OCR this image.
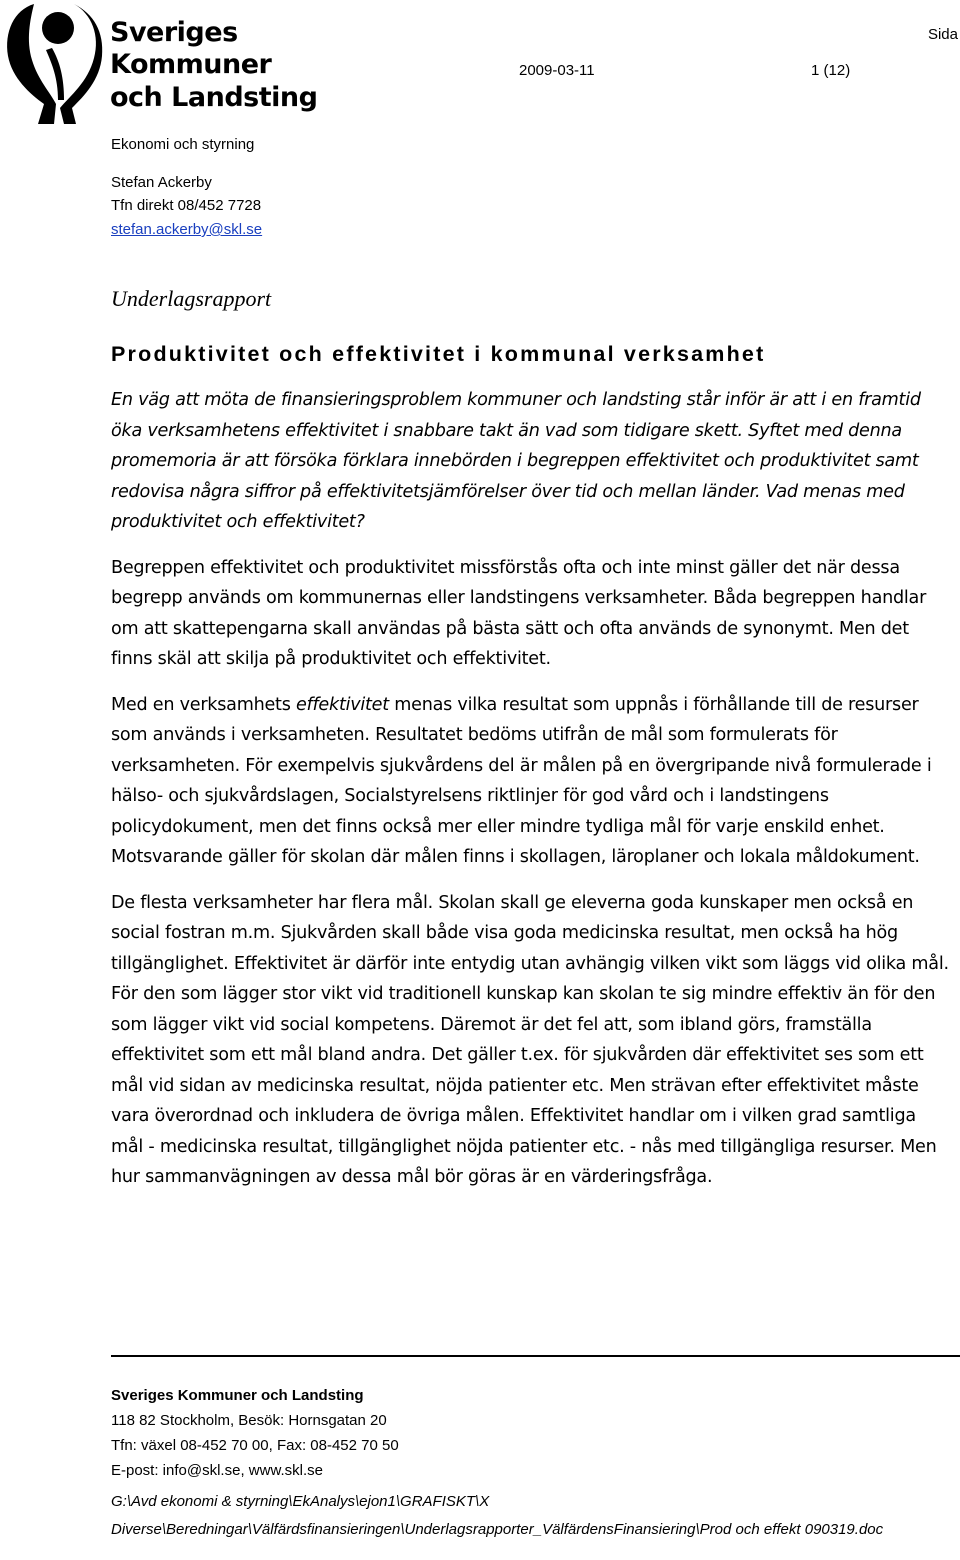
Sveriges
Kommuner
och Landsting
Sida
2009-03-11	1 (12)
Ekonomi och styrning
Stefan Ackerby
Tfn direkt 08/452 7728
stefan.ackerby@skl.se
Underlagsrapport
Produktivitet och effektivitet i kommunal verksamhet

En väg att möta de finansieringsproblem kommuner och landsting står inför är att i en framtid öka verksamhetens effektivitet i snabbare takt än vad som tidigare skett. Syftet med denna promemoria är att försöka förklara innebörden i begreppen effektivitet och produktivitet samt redovisa några siffror på effektivitetsjämförelser över tid och mellan länder. Vad menas med produktivitet och effektivitet?

Begreppen effektivitet och produktivitet missförstås ofta och inte minst gäller det när dessa begrepp används om kommunernas eller landstingens verksamheter. Båda begreppen handlar om att skattepengarna skall användas på bästa sätt och ofta används de synonymt. Men det finns skäl att skilja på produktivitet och effektivitet.

Med en verksamhets effektivitet menas vilka resultat som uppnås i förhållande till de resurser som används i verksamheten. Resultatet bedöms utifrån de mål som formulerats för verksamheten. För exempelvis sjukvårdens del är målen på en övergripande nivå formulerade i hälso- och sjukvårdslagen, Socialstyrelsens riktlinjer för god vård och i landstingens policydokument, men det finns också mer eller mindre tydliga mål för varje enskild enhet. Motsvarande gäller för skolan där målen finns i skollagen, läroplaner och lokala måldokument.

De flesta verksamheter har flera mål. Skolan skall ge eleverna goda kunskaper men också en social fostran m.m. Sjukvården skall både visa goda medicinska resultat, men också ha hög tillgänglighet. Effektivitet är därför inte entydig utan avhängig vilken vikt som läggs vid olika mål. För den som lägger stor vikt vid traditionell kunskap kan skolan te sig mindre effektiv än för den som lägger vikt vid social kompetens. Däremot är det fel att, som ibland görs, framställa effektivitet som ett mål bland andra. Det gäller t.ex. för sjukvården där effektivitet ses som ett mål vid sidan av medicinska resultat, nöjda patienter etc. Men strävan efter effektivitet måste vara överordnad och inkludera de övriga målen. Effektivitet handlar om i vilken grad samtliga mål - medicinska resultat, tillgänglighet nöjda patienter etc. - nås med tillgängliga resurser. Men hur sammanvägningen av dessa mål bör göras är en värderingsfråga.

Sveriges Kommuner och Landsting
118 82 Stockholm, Besök: Hornsgatan 20
Tfn: växel 08-452 70 00, Fax: 08-452 70 50
E-post: info@skl.se, www.skl.se
G:\Avd ekonomi & styrning\EkAnalys\ejon1\GRAFISKT\X Diverse\Beredningar\Välfärdsfinansieringen\Underlagsrapporter_VälfärdensFinansiering\Prod och effekt 090319.doc
